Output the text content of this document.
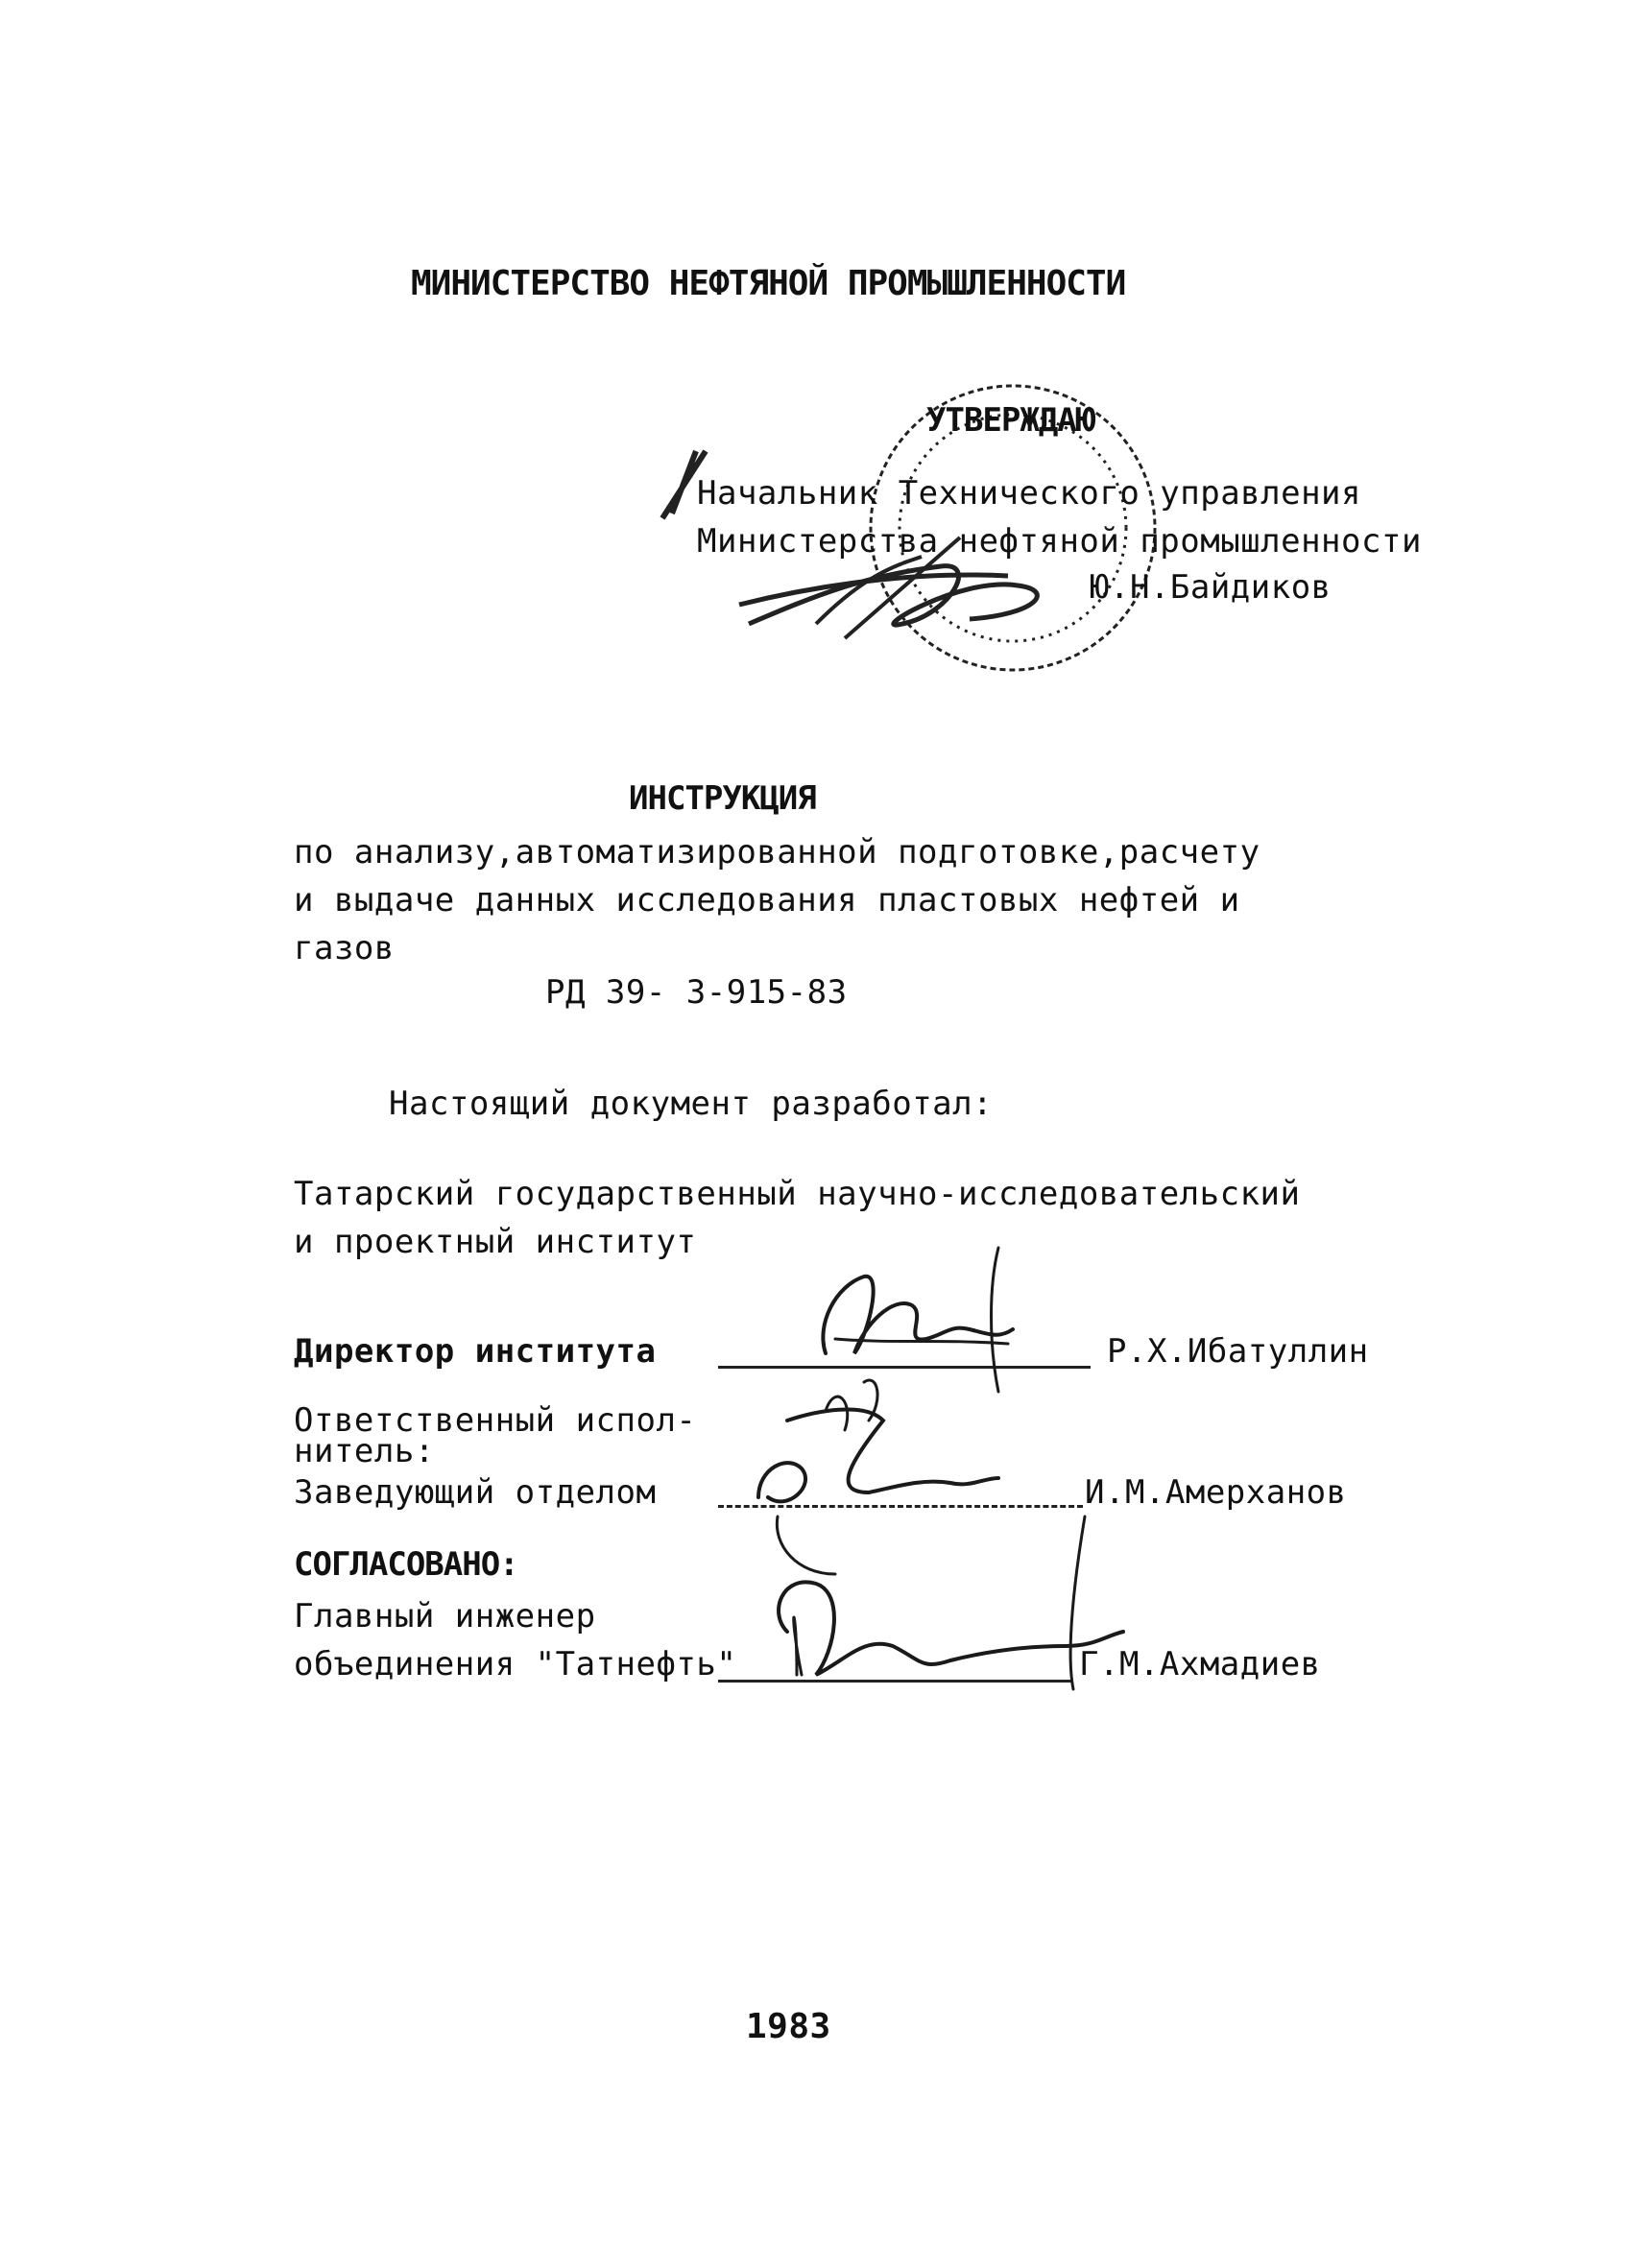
МИНИСТЕРСТВО НЕФТЯНОЙ ПРОМЫШЛЕННОСТИ
УТВЕРЖДАЮ
Начальник Технического управления
Министерства нефтяной промышленности
Ю.Н.Байдиков
ИНСТРУКЦИЯ
по анализу,автоматизированной подготовке,расчету
и выдаче данных исследования пластовых нефтей и
газов
РД 39- 3-915-83
Настоящий документ разработал:
Татарский государственный научно-исследовательский
и проектный институт
Директор института	Р.Х.Ибатуллин
Ответственный испол-
нитель:
Заведующий отделом	И.М.Амерханов
СОГЛАСОВАНО:
Главный инженер
объединения "Татнефть"	Г.М.Ахмадиев
1983
